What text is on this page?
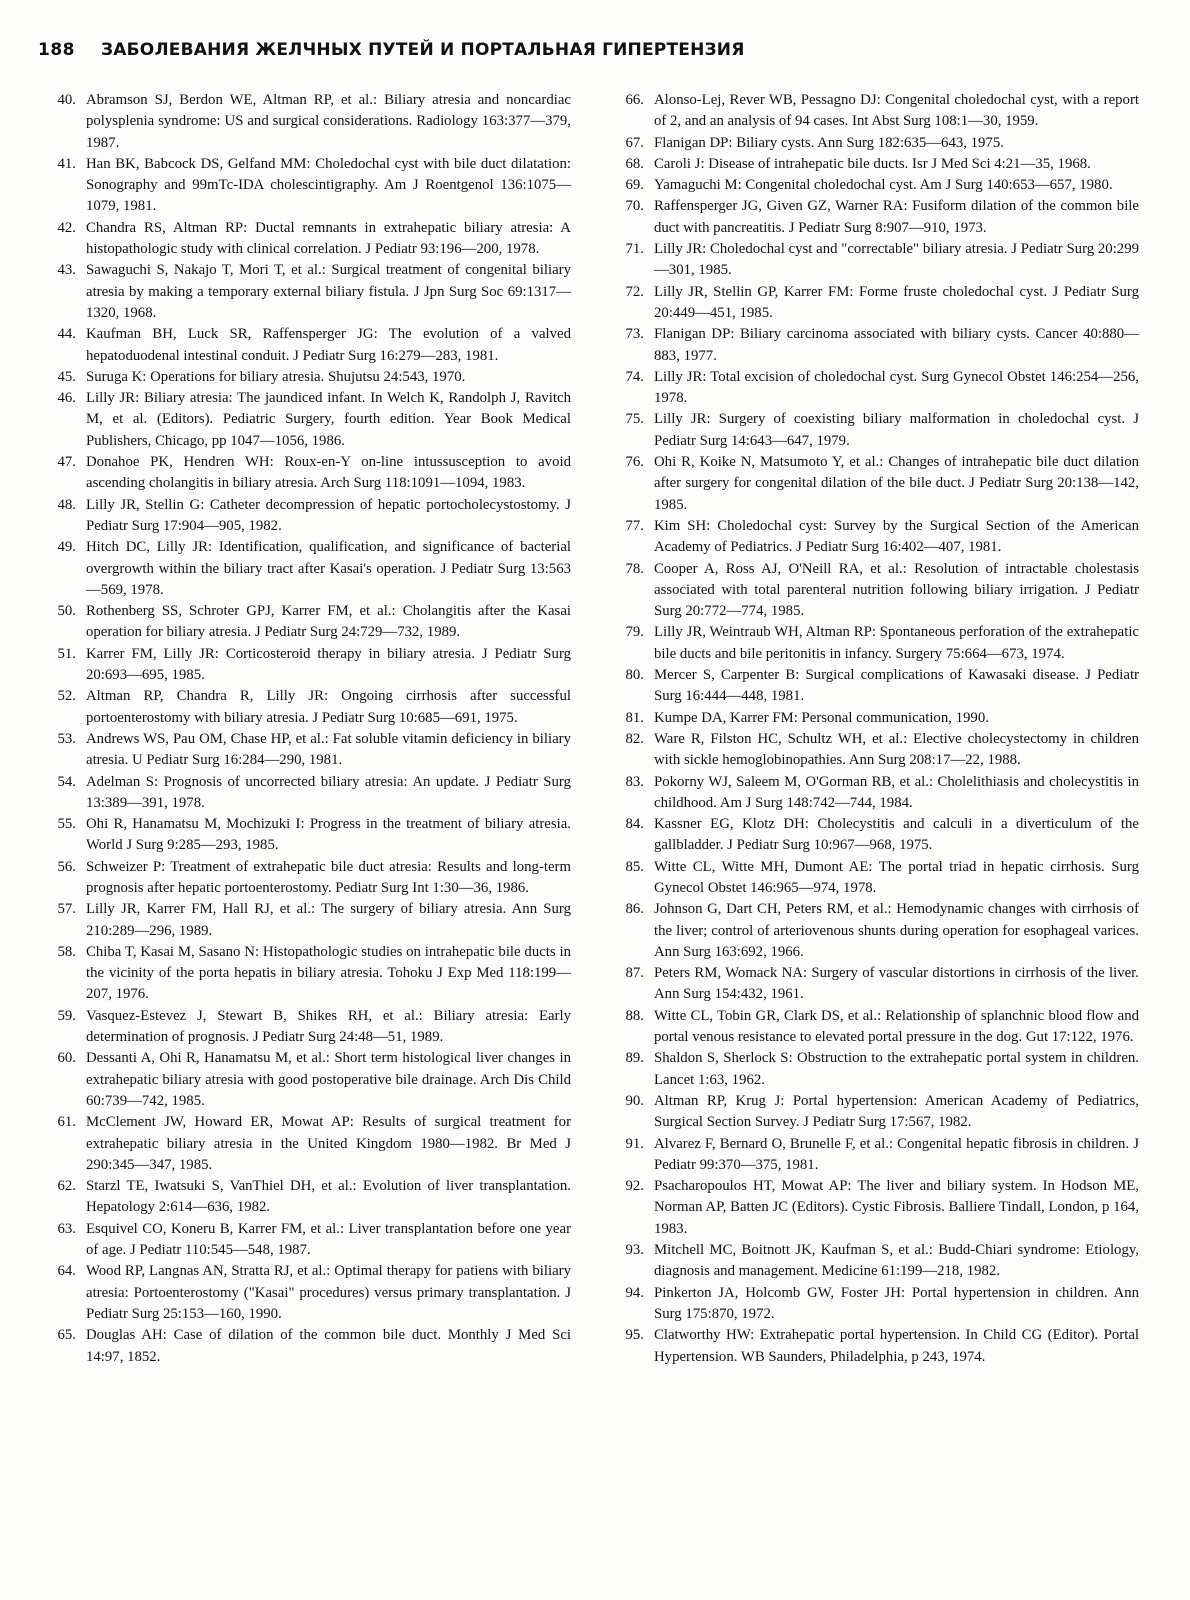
188 ЗАБОЛЕВАНИЯ ЖЕЛЧНЫХ ПУТЕЙ И ПОРТАЛЬНАЯ ГИПЕРТЕНЗИЯ

40. Abramson SJ, Berdon WE, Altman RP, et al.: Biliary atresia and noncardiac polysplenia syndrome: US and surgical considerations. Radiology 163:377—379, 1987.

41. Han BK, Babcock DS, Gelfand MM: Choledochal cyst with bile duct dilatation: Sonography and 99mTc-IDA cholescintigraphy. Am J Roentgenol 136:1075—1079, 1981.

42. Chandra RS, Altman RP: Ductal remnants in extrahepatic biliary atresia: A histopathologic study with clinical correlation. J Pediatr 93:196—200, 1978.

43. Sawaguchi S, Nakajo T, Mori T, et al.: Surgical treatment of congenital biliary atresia by making a temporary external biliary fistula. J Jpn Surg Soc 69:1317—1320, 1968.

44. Kaufman BH, Luck SR, Raffensperger JG: The evolution of a valved hepatoduodenal intestinal conduit. J Pediatr Surg 16:279—283, 1981.

45. Suruga K: Operations for biliary atresia. Shujutsu 24:543, 1970.

46. Lilly JR: Biliary atresia: The jaundiced infant. In Welch K, Randolph J, Ravitch M, et al. (Editors). Pediatric Surgery, fourth edition. Year Book Medical Publishers, Chicago, pp 1047—1056, 1986.

47. Donahoe PK, Hendren WH: Roux-en-Y on-line intussusception to avoid ascending cholangitis in biliary atresia. Arch Surg 118:1091—1094, 1983.

48. Lilly JR, Stellin G: Catheter decompression of hepatic portocholecystostomy. J Pediatr Surg 17:904—905, 1982.

49. Hitch DC, Lilly JR: Identification, qualification, and significance of bacterial overgrowth within the biliary tract after Kasai's operation. J Pediatr Surg 13:563—569, 1978.

50. Rothenberg SS, Schroter GPJ, Karrer FM, et al.: Cholangitis after the Kasai operation for biliary atresia. J Pediatr Surg 24:729—732, 1989.

51. Karrer FM, Lilly JR: Corticosteroid therapy in biliary atresia. J Pediatr Surg 20:693—695, 1985.

52. Altman RP, Chandra R, Lilly JR: Ongoing cirrhosis after successful portoenterostomy with biliary atresia. J Pediatr Surg 10:685—691, 1975.

53. Andrews WS, Pau OM, Chase HP, et al.: Fat soluble vitamin deficiency in biliary atresia. U Pediatr Surg 16:284—290, 1981.

54. Adelman S: Prognosis of uncorrected biliary atresia: An update. J Pediatr Surg 13:389—391, 1978.

55. Ohi R, Hanamatsu M, Mochizuki I: Progress in the treatment of biliary atresia. World J Surg 9:285—293, 1985.

56. Schweizer P: Treatment of extrahepatic bile duct atresia: Results and long-term prognosis after hepatic portoenterostomy. Pediatr Surg Int 1:30—36, 1986.

57. Lilly JR, Karrer FM, Hall RJ, et al.: The surgery of biliary atresia. Ann Surg 210:289—296, 1989.

58. Chiba T, Kasai M, Sasano N: Histopathologic studies on intrahepatic bile ducts in the vicinity of the porta hepatis in biliary atresia. Tohoku J Exp Med 118:199—207, 1976.

59. Vasquez-Estevez J, Stewart B, Shikes RH, et al.: Biliary atresia: Early determination of prognosis. J Pediatr Surg 24:48—51, 1989.

60. Dessanti A, Ohi R, Hanamatsu M, et al.: Short term histological liver changes in extrahepatic biliary atresia with good postoperative bile drainage. Arch Dis Child 60:739—742, 1985.

61. McClement JW, Howard ER, Mowat AP: Results of surgical treatment for extrahepatic biliary atresia in the United Kingdom 1980—1982. Br Med J 290:345—347, 1985.

62. Starzl TE, Iwatsuki S, VanThiel DH, et al.: Evolution of liver transplantation. Hepatology 2:614—636, 1982.

63. Esquivel CO, Koneru B, Karrer FM, et al.: Liver transplantation before one year of age. J Pediatr 110:545—548, 1987.

64. Wood RP, Langnas AN, Stratta RJ, et al.: Optimal therapy for patiens with biliary atresia: Portoenterostomy ("Kasai" procedures) versus primary transplantation. J Pediatr Surg 25:153—160, 1990.

65. Douglas AH: Case of dilation of the common bile duct. Monthly J Med Sci 14:97, 1852.

66. Alonso-Lej, Rever WB, Pessagno DJ: Congenital choledochal cyst, with a report of 2, and an analysis of 94 cases. Int Abst Surg 108:1—30, 1959.

67. Flanigan DP: Biliary cysts. Ann Surg 182:635—643, 1975.

68. Caroli J: Disease of intrahepatic bile ducts. Isr J Med Sci 4:21—35, 1968.

69. Yamaguchi M: Congenital choledochal cyst. Am J Surg 140:653—657, 1980.

70. Raffensperger JG, Given GZ, Warner RA: Fusiform dilation of the common bile duct with pancreatitis. J Pediatr Surg 8:907—910, 1973.

71. Lilly JR: Choledochal cyst and "correctable" biliary atresia. J Pediatr Surg 20:299—301, 1985.

72. Lilly JR, Stellin GP, Karrer FM: Forme fruste choledochal cyst. J Pediatr Surg 20:449—451, 1985.

73. Flanigan DP: Biliary carcinoma associated with biliary cysts. Cancer 40:880—883, 1977.

74. Lilly JR: Total excision of choledochal cyst. Surg Gynecol Obstet 146:254—256, 1978.

75. Lilly JR: Surgery of coexisting biliary malformation in choledochal cyst. J Pediatr Surg 14:643—647, 1979.

76. Ohi R, Koike N, Matsumoto Y, et al.: Changes of intrahepatic bile duct dilation after surgery for congenital dilation of the bile duct. J Pediatr Surg 20:138—142, 1985.

77. Kim SH: Choledochal cyst: Survey by the Surgical Section of the American Academy of Pediatrics. J Pediatr Surg 16:402—407, 1981.

78. Cooper A, Ross AJ, O'Neill RA, et al.: Resolution of intractable cholestasis associated with total parenteral nutrition following biliary irrigation. J Pediatr Surg 20:772—774, 1985.

79. Lilly JR, Weintraub WH, Altman RP: Spontaneous perforation of the extrahepatic bile ducts and bile peritonitis in infancy. Surgery 75:664—673, 1974.

80. Mercer S, Carpenter B: Surgical complications of Kawasaki disease. J Pediatr Surg 16:444—448, 1981.

81. Kumpe DA, Karrer FM: Personal communication, 1990.

82. Ware R, Filston HC, Schultz WH, et al.: Elective cholecystectomy in children with sickle hemoglobinopathies. Ann Surg 208:17—22, 1988.

83. Pokorny WJ, Saleem M, O'Gorman RB, et al.: Cholelithiasis and cholecystitis in childhood. Am J Surg 148:742—744, 1984.

84. Kassner EG, Klotz DH: Cholecystitis and calculi in a diverticulum of the gallbladder. J Pediatr Surg 10:967—968, 1975.

85. Witte CL, Witte MH, Dumont AE: The portal triad in hepatic cirrhosis. Surg Gynecol Obstet 146:965—974, 1978.

86. Johnson G, Dart CH, Peters RM, et al.: Hemodynamic changes with cirrhosis of the liver; control of arteriovenous shunts during operation for esophageal varices. Ann Surg 163:692, 1966.

87. Peters RM, Womack NA: Surgery of vascular distortions in cirrhosis of the liver. Ann Surg 154:432, 1961.

88. Witte CL, Tobin GR, Clark DS, et al.: Relationship of splanchnic blood flow and portal venous resistance to elevated portal pressure in the dog. Gut 17:122, 1976.

89. Shaldon S, Sherlock S: Obstruction to the extrahepatic portal system in children. Lancet 1:63, 1962.

90. Altman RP, Krug J: Portal hypertension: American Academy of Pediatrics, Surgical Section Survey. J Pediatr Surg 17:567, 1982.

91. Alvarez F, Bernard O, Brunelle F, et al.: Congenital hepatic fibrosis in children. J Pediatr 99:370—375, 1981.

92. Psacharopoulos HT, Mowat AP: The liver and biliary system. In Hodson ME, Norman AP, Batten JC (Editors). Cystic Fibrosis. Balliere Tindall, London, p 164, 1983.

93. Mitchell MC, Boitnott JK, Kaufman S, et al.: Budd-Chiari syndrome: Etiology, diagnosis and management. Medicine 61:199—218, 1982.

94. Pinkerton JA, Holcomb GW, Foster JH: Portal hypertension in children. Ann Surg 175:870, 1972.

95. Clatworthy HW: Extrahepatic portal hypertension. In Child CG (Editor). Portal Hypertension. WB Saunders, Philadelphia, p 243, 1974.
